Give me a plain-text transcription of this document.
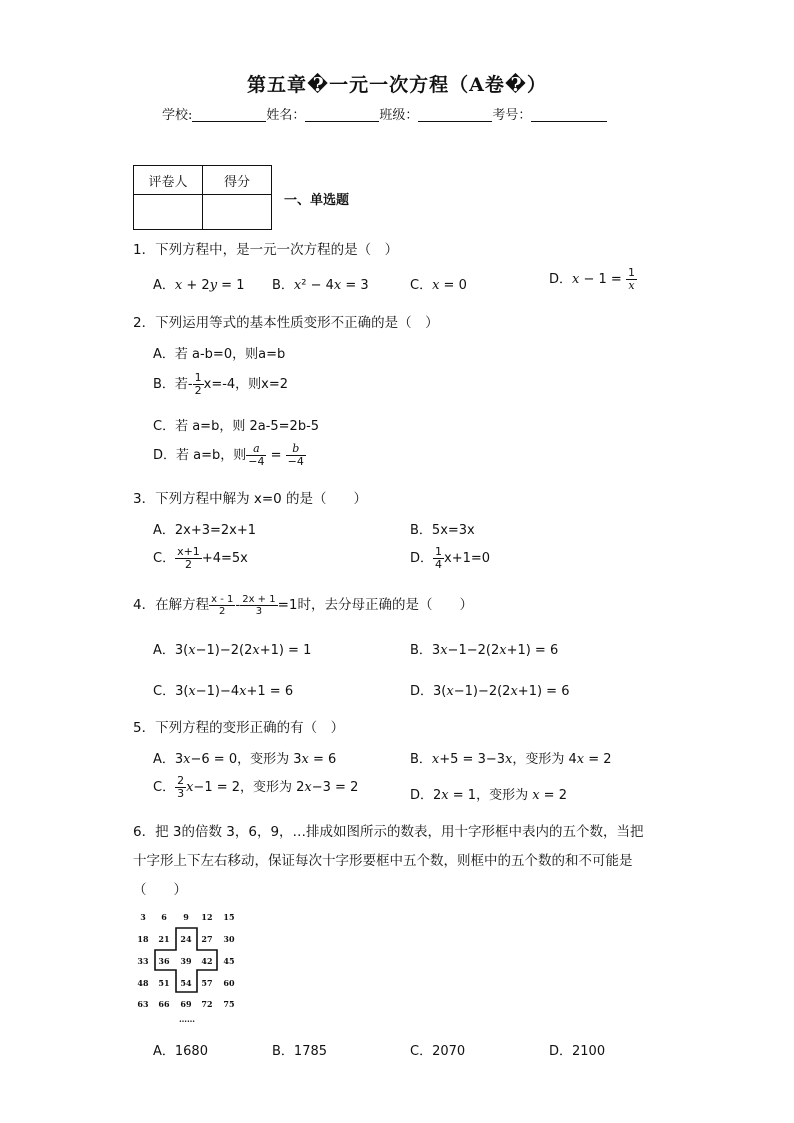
第五章�一元一次方程（A卷�）
学校:	姓名：	班级：	考号：
评卷人	得分

一、单选题
1．下列方程中，是一元一次方程的是（　）
A．x + 2y = 1 B．x² − 4x = 3	C．x = 0	D．$x - 1 = \frac{1}{x}$
2．下列运用等式的基本性质变形不正确的是（　）
A．若 a-b=0，则a=b
B．若- $\frac{1}{2} x=-4$，则x=2
C．若 a=b，则 2a-5=2b-5
D．若 a=b，则 $\frac{a}{-4} = \frac{b}{-4}$
3．下列方程中解为 x=0 的是（　　）
A．2x+3=2x+1	B．5x=3x
C． $\frac{x+1}{2} +4=5x$	D． $\frac{1}{4} x+1=0$
4．在解方程 $\frac{x - 1}{2} - \frac{2x + 1}{3} =1$时，去分母正确的是（　　）
A．3(x−1)−2(2x+1) = 1	B．3x−1−2(2x+1) = 6
C．3(x−1)−4x+1 = 6	D．3(x−1)−2(2x+1) = 6
5．下列方程的变形正确的有（　）
A．3x−6 = 0，变形为 3x = 6	B．x+5 = 3−3x，变形为 4x = 2
C． $\frac{2}{3} x-1 = 2$，变形为 2x−3 = 2
D．2x = 1，变形为 x = 2
6．把 3的倍数 3，6，9，…排成如图所示的数表，用十字形框中表内的五个数，当把
十字形上下左右移动，保证每次十字形要框中五个数，则框中的五个数的和不可能是
（　　）
3	6	9	12	15
18	21	24	27	30
33	36	39	42	45
48	51	54	57	60
63	66	69	72	75
……
A．1680	B．1785	C．2070	D．2100
